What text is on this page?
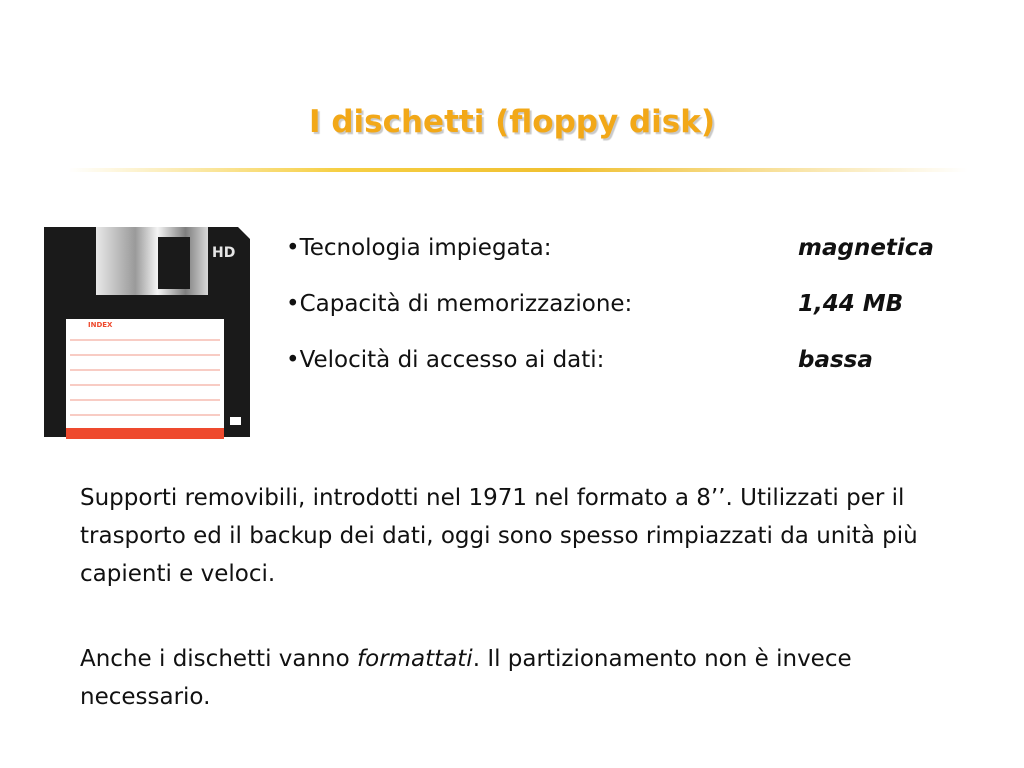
I dischetti (floppy disk)
HD
INDEX
•Tecnologia impiegata:	magnetica
•Capacità di memorizzazione:	1,44 MB
•Velocità di accesso ai dati:	bassa

Supporti removibili, introdotti nel 1971 nel formato a 8’’. Utilizzati per il trasporto ed il backup dei dati, oggi sono spesso rimpiazzati da unità più capienti e veloci.

Anche i dischetti vanno formattati. Il partizionamento non è invece necessario.
